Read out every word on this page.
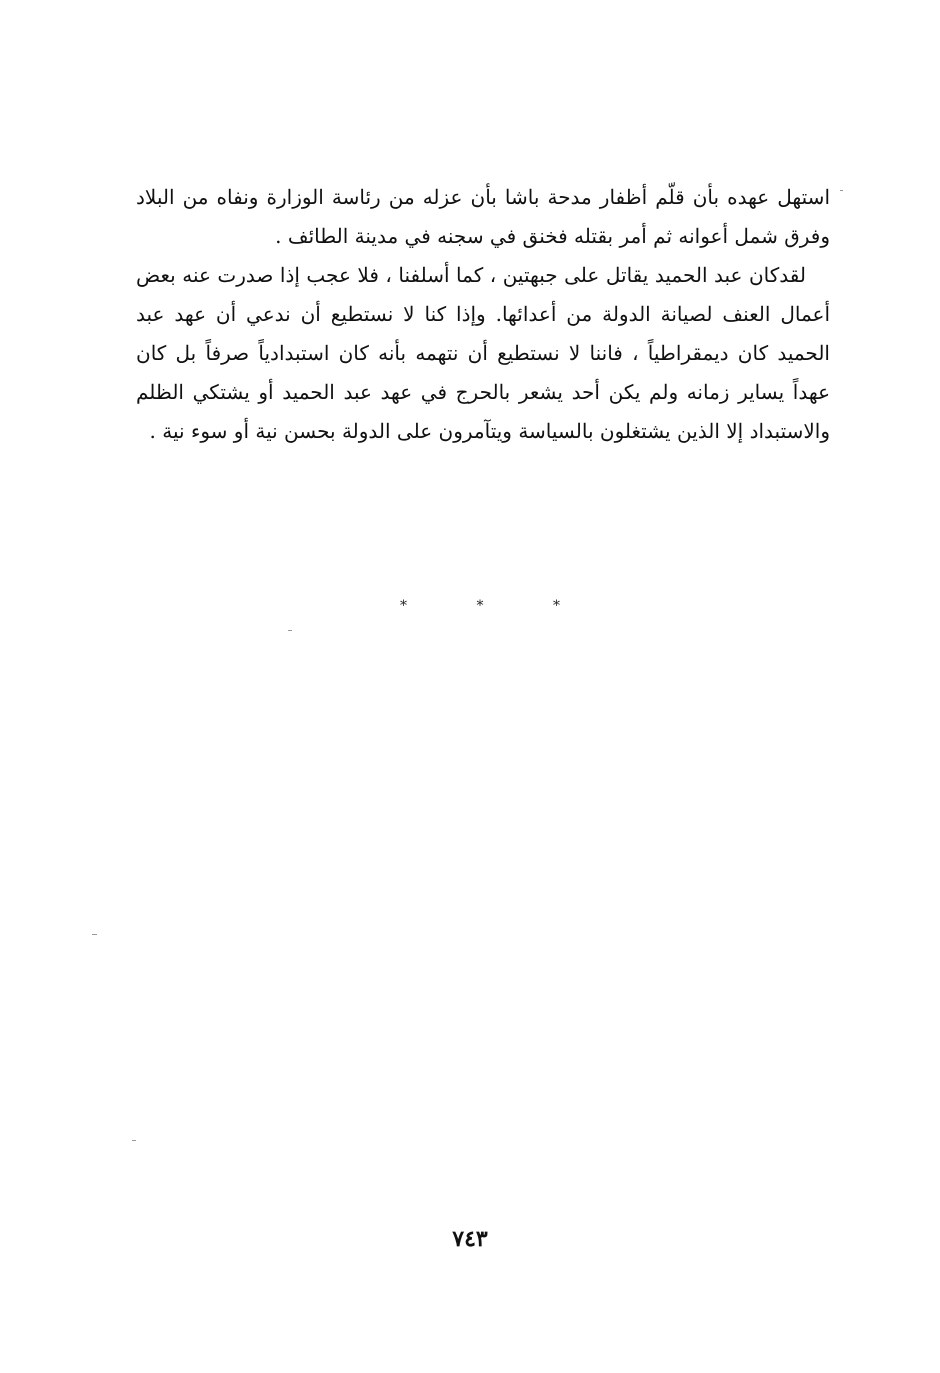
استهل عهده بأن قلّم أظفار مدحة باشا بأن عزله من رئاسة الوزارة ونفاه من البلاد وفرق شمل أعوانه ثم أمر بقتله فخنق في سجنه في مدينة الطائف .

لقدكان عبد الحميد يقاتل على جبهتين ، كما أسلفنا ، فلا عجب إذا صدرت عنه بعض أعمال العنف لصيانة الدولة من أعدائها. وإذا كنا لا نستطيع أن ندعي أن عهد عبد الحميد كان ديمقراطياً ، فاننا لا نستطيع أن نتهمه بأنه كان استبدادياً صرفاً بل كان عهداً يساير زمانه ولم يكن أحد يشعر بالحرج في عهد عبد الحميد أو يشتكي الظلم والاستبداد إلا الذين يشتغلون بالسياسة ويتآمرون على الدولة بحسن نية أو سوء نية .

*	*	*
٧٤٣
